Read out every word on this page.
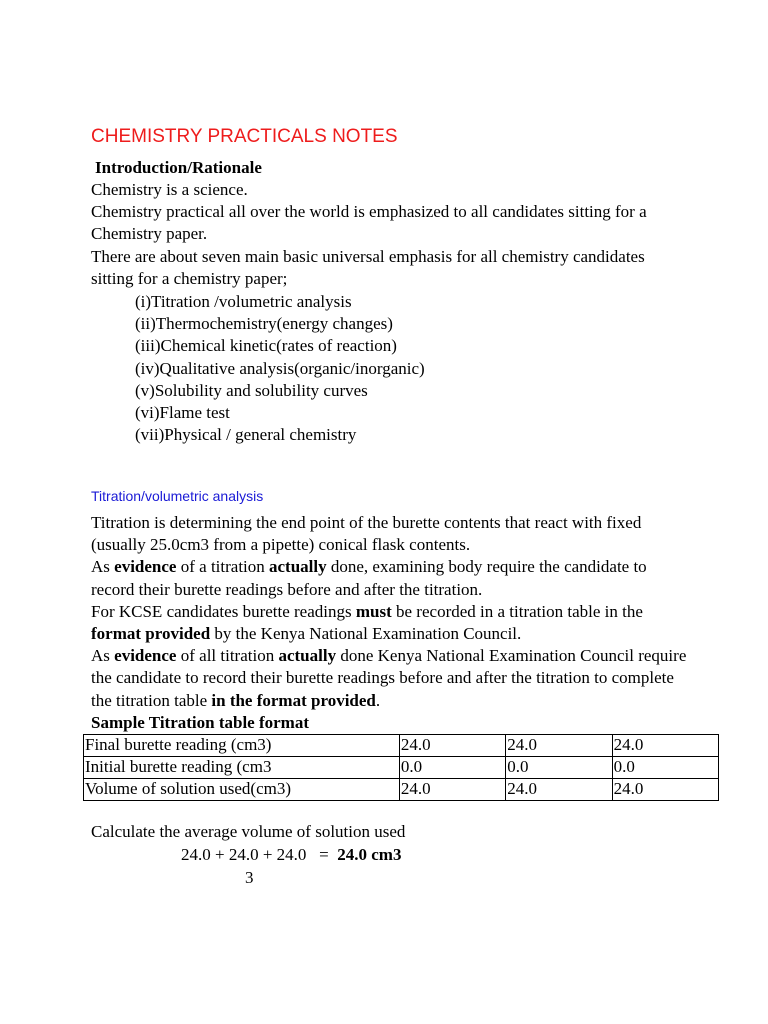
CHEMISTRY PRACTICALS NOTES
Introduction/Rationale

Chemistry is a science.

Chemistry practical all over the world is emphasized to all candidates sitting for a Chemistry paper.

There are about seven main basic universal emphasis for all chemistry candidates sitting for a chemistry paper;

(i)Titration /volumetric analysis
(ii)Thermochemistry(energy changes)
(iii)Chemical kinetic(rates of reaction)
(iv)Qualitative analysis(organic/inorganic)
(v)Solubility and solubility curves
(vi)Flame test
(vii)Physical / general chemistry
Titration/volumetric analysis

Titration is determining the end point of the burette contents that react with fixed (usually 25.0cm3 from a pipette) conical flask contents.

As evidence of a titration actually done, examining body require the candidate to record their burette readings before and after the titration.

For KCSE candidates burette readings must be recorded in a titration table in the format provided by the Kenya National Examination Council.

As evidence of all titration actually done Kenya National Examination Council require the candidate to record their burette readings before and after the titration to complete the titration table in the format provided.

Sample Titration table format
Final burette reading (cm3)	24.0	24.0	24.0
Initial burette reading (cm3	0.0	0.0	0.0
Volume of solution used(cm3)	24.0	24.0	24.0
Calculate the average volume of solution used
24.0 + 24.0 + 24.0   =  24.0 cm3
3
